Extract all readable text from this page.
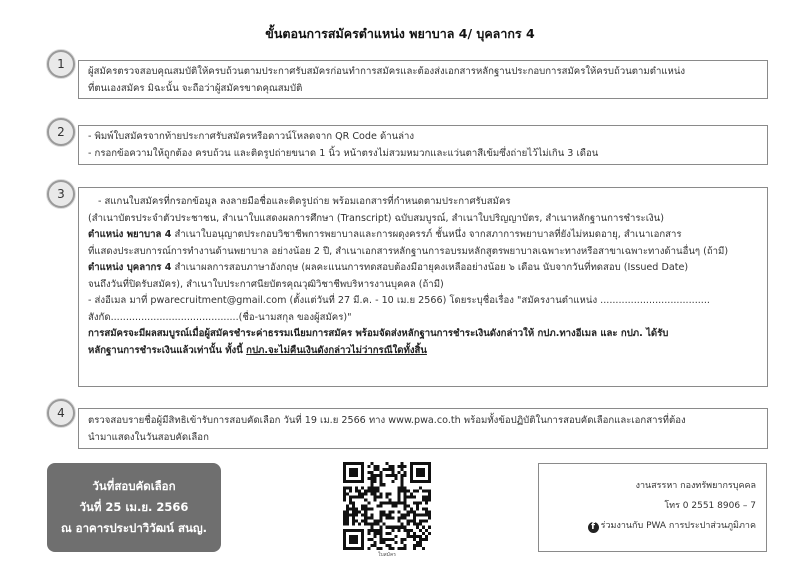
ขั้นตอนการสมัครตำแหน่ง พยาบาล 4/ บุคลากร 4
ผู้สมัครตรวจสอบคุณสมบัติให้ครบถ้วนตามประกาศรับสมัครก่อนทำการสมัครและต้องส่งเอกสารหลักฐานประกอบการสมัครให้ครบถ้วนตามตำแหน่ง
ที่ตนเองสมัคร มิฉะนั้น จะถือว่าผู้สมัครขาดคุณสมบัติ
1
- พิมพ์ใบสมัครจากท้ายประกาศรับสมัครหรือดาวน์โหลดจาก QR Code ด้านล่าง
- กรอกข้อความให้ถูกต้อง ครบถ้วน และติดรูปถ่ายขนาด 1 นิ้ว หน้าตรงไม่สวมหมวกและแว่นตาสีเข้มซึ่งถ่ายไว้ไม่เกิน 3 เดือน
2
- สแกนใบสมัครที่กรอกข้อมูล ลงลายมือชื่อและติดรูปถ่าย พร้อมเอกสารที่กำหนดตามประกาศรับสมัคร
(สำเนาบัตรประจำตัวประชาชน, สำเนาใบแสดงผลการศึกษา (Transcript) ฉบับสมบูรณ์, สำเนาใบปริญญาบัตร, สำเนาหลักฐานการชำระเงิน)
ตำแหน่ง พยาบาล 4 สำเนาใบอนุญาตประกอบวิชาชีพการพยาบาลและการผดุงครรภ์ ชั้นหนึ่ง จากสภาการพยาบาลที่ยังไม่หมดอายุ, สำเนาเอกสาร
ที่แสดงประสบการณ์การทำงานด้านพยาบาล อย่างน้อย 2 ปี, สำเนาเอกสารหลักฐานการอบรมหลักสูตรพยาบาลเฉพาะทางหรือสาขาเฉพาะทางด้านอื่นๆ (ถ้ามี)
ตำแหน่ง บุคลากร 4 สำเนาผลการสอบภาษาอังกฤษ (ผลคะแนนการทดสอบต้องมีอายุคงเหลืออย่างน้อย ๖ เดือน นับจากวันที่ทดสอบ (Issued Date)
จนถึงวันที่ปิดรับสมัคร), สำเนาใบประกาศนียบัตรคุณวุฒิวิชาชีพบริหารงานบุคคล (ถ้ามี)
- ส่งอีเมล มาที่ pwarecruitment@gmail.com (ตั้งแต่วันที่ 27 มี.ค. - 10 เม.ย 2566) โดยระบุชื่อเรื่อง "สมัครงานตำแหน่ง ....................................
สังกัด..........................................(ชื่อ-นามสกุล ของผู้สมัคร)"
การสมัครจะมีผลสมบูรณ์เมื่อผู้สมัครชำระค่าธรรมเนียมการสมัคร พร้อมจัดส่งหลักฐานการชำระเงินดังกล่าวให้ กปภ.ทางอีเมล และ กปภ. ได้รับ
หลักฐานการชำระเงินแล้วเท่านั้น ทั้งนี้ กปภ.จะไม่คืนเงินดังกล่าวไม่ว่ากรณีใดทั้งสิ้น
3
ตรวจสอบรายชื่อผู้มีสิทธิเข้ารับการสอบคัดเลือก วันที่ 19 เม.ย 2566 ทาง www.pwa.co.th พร้อมทั้งข้อปฏิบัติในการสอบคัดเลือกและเอกสารที่ต้อง
นำมาแสดงในวันสอบคัดเลือก
4
วันที่สอบคัดเลือก
วันที่ 25 เม.ย. 2566
ณ อาคารประปาวิวัฒน์ สนญ.
ใบสมัคร
งานสรรหา กองทรัพยากรบุคคล
โทร 0 2551 8906 – 7
f ร่วมงานกับ PWA การประปาส่วนภูมิภาค
